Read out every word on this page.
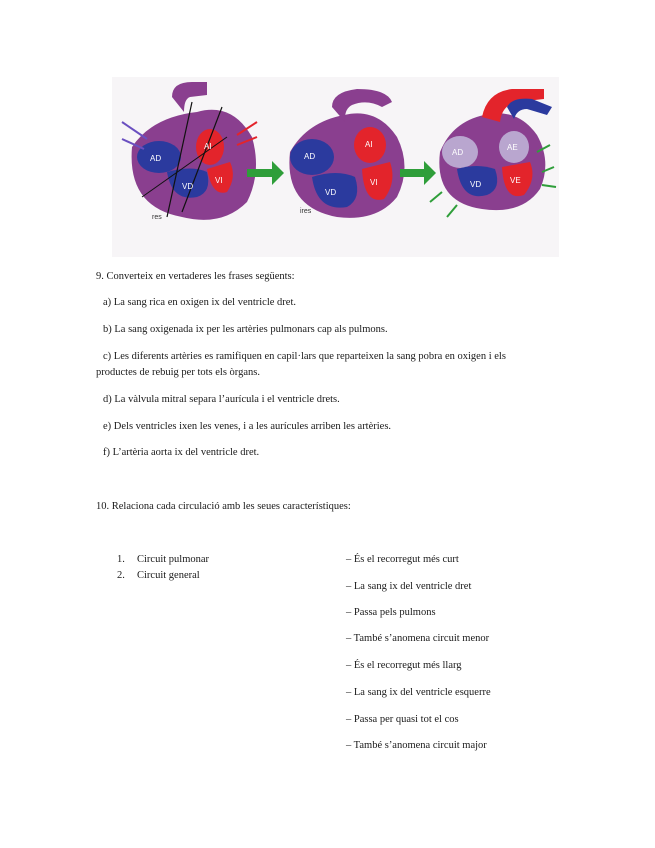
AD
AI
VD
VI
res
AD
AI
VD
VI
ires
AD
AE
VD	VE
9. Converteix en vertaderes les frases següents:
a) La sang rica en oxigen ix del ventricle dret.
b) La sang oxigenada ix per les artèries pulmonars cap als pulmons.
c) Les diferents artèries es ramifiquen en capil·lars que reparteixen la sang pobra en oxigen i els productes de rebuig per tots els òrgans.
d) La vàlvula mitral separa l’aurícula i el ventricle drets.
e) Dels ventricles ixen les venes, i a les aurícules arriben les artèries.
f) L’artèria aorta ix del ventricle dret.
10. Relaciona cada circulació amb les seues característiques:
1. Circuit pulmonar
2. Circuit general
– És el recorregut més curt
– La sang ix del ventricle dret
– Passa pels pulmons
– També s’anomena circuit menor
– És el recorregut més llarg
– La sang ix del ventricle esquerre
– Passa per quasi tot el cos
– També s’anomena circuit major
